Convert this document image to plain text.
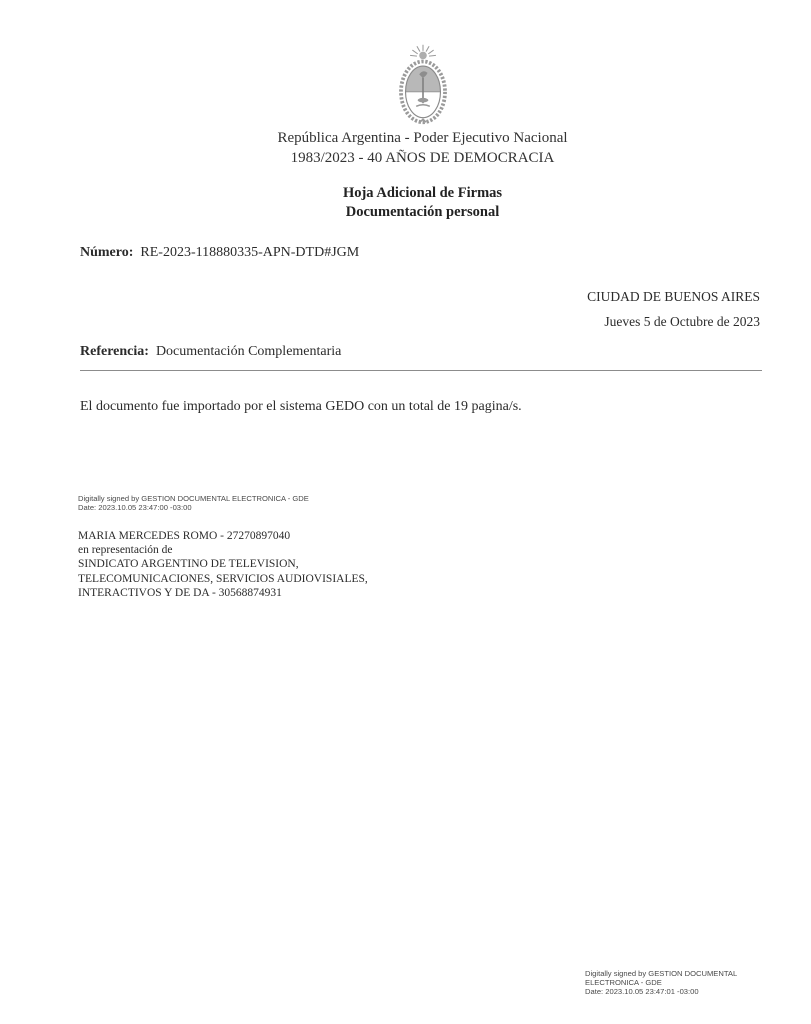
República Argentina - Poder Ejecutivo Nacional
1983/2023 - 40 AÑOS DE DEMOCRACIA
Hoja Adicional de Firmas
Documentación personal
Número: RE-2023-118880335-APN-DTD#JGM
CIUDAD DE BUENOS AIRES
Jueves 5 de Octubre de 2023
Referencia: Documentación Complementaria
El documento fue importado por el sistema GEDO con un total de 19 pagina/s.
Digitally signed by GESTION DOCUMENTAL ELECTRONICA - GDE
Date: 2023.10.05 23:47:00 -03:00
MARIA MERCEDES ROMO - 27270897040
en representación de
SINDICATO ARGENTINO DE TELEVISION,
TELECOMUNICACIONES, SERVICIOS AUDIOVISIALES,
INTERACTIVOS Y DE DA - 30568874931
Digitally signed by GESTION DOCUMENTAL
ELECTRONICA - GDE
Date: 2023.10.05 23:47:01 -03:00
